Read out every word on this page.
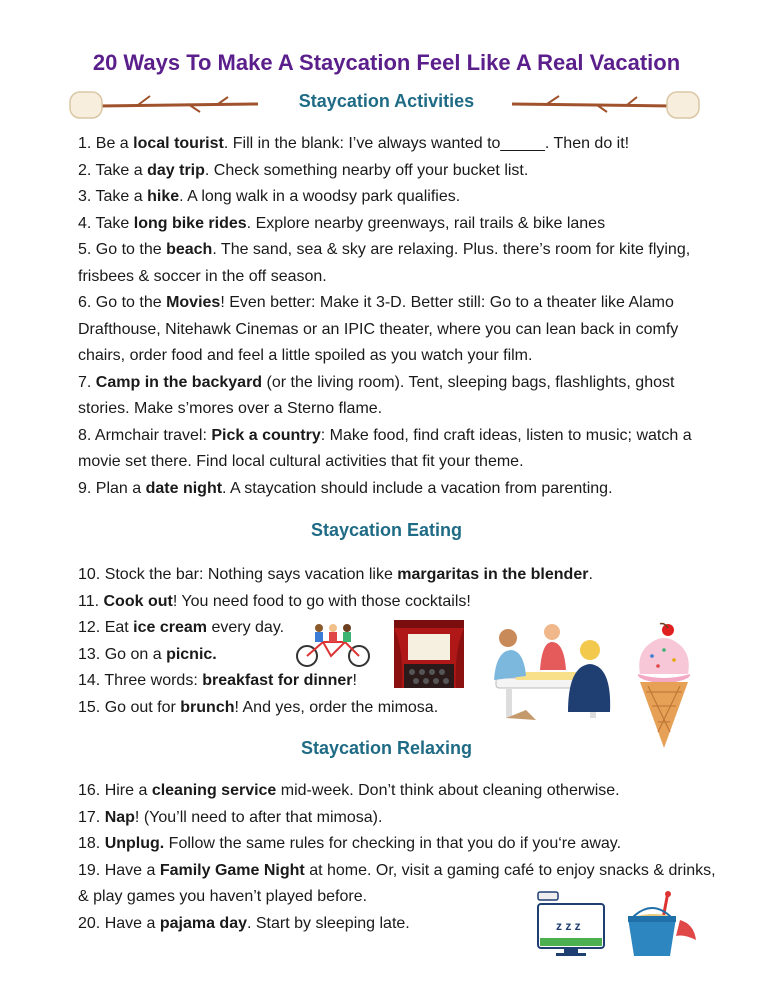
20 Ways To Make A Staycation Feel Like A Real Vacation
Staycation Activities

1. Be a local tourist. Fill in the blank: I’ve always wanted to_____. Then do it!

2. Take a day trip. Check something nearby off your bucket list.

3. Take a hike. A long walk in a woodsy park qualifies.

4. Take long bike rides. Explore nearby greenways, rail trails & bike lanes

5. Go to the beach. The sand, sea & sky are relaxing. Plus. there’s room for kite flying, frisbees & soccer in the off season.

6. Go to the Movies! Even better: Make it 3-D. Better still: Go to a theater like Alamo Drafthouse, Nitehawk Cinemas or an IPIC theater, where you can lean back in comfy chairs, order food and feel a little spoiled as you watch your film.

7. Camp in the backyard (or the living room). Tent, sleeping bags, flashlights, ghost stories. Make s’mores over a Sterno flame.

8. Armchair travel: Pick a country: Make food, find craft ideas, listen to music; watch a movie set there. Find local cultural activities that fit your theme.

9. Plan a date night. A staycation should include a vacation from parenting.

Staycation Eating

10. Stock the bar: Nothing says vacation like margaritas in the blender.

11. Cook out! You need food to go with those cocktails!

12. Eat ice cream every day.

13. Go on a picnic.

14. Three words: breakfast for dinner!

15. Go out for brunch! And yes, order the mimosa.

Staycation Relaxing

16. Hire a cleaning service mid-week. Don’t think about cleaning otherwise.

17. Nap! (You’ll need to after that mimosa).

18. Unplug. Follow the same rules for checking in that you do if you‘re away.

19. Have a Family Game Night at home. Or, visit a gaming café to enjoy snacks & drinks, & play games you haven’t played before.

20. Have a pajama day. Start by sleeping late.	z z z
